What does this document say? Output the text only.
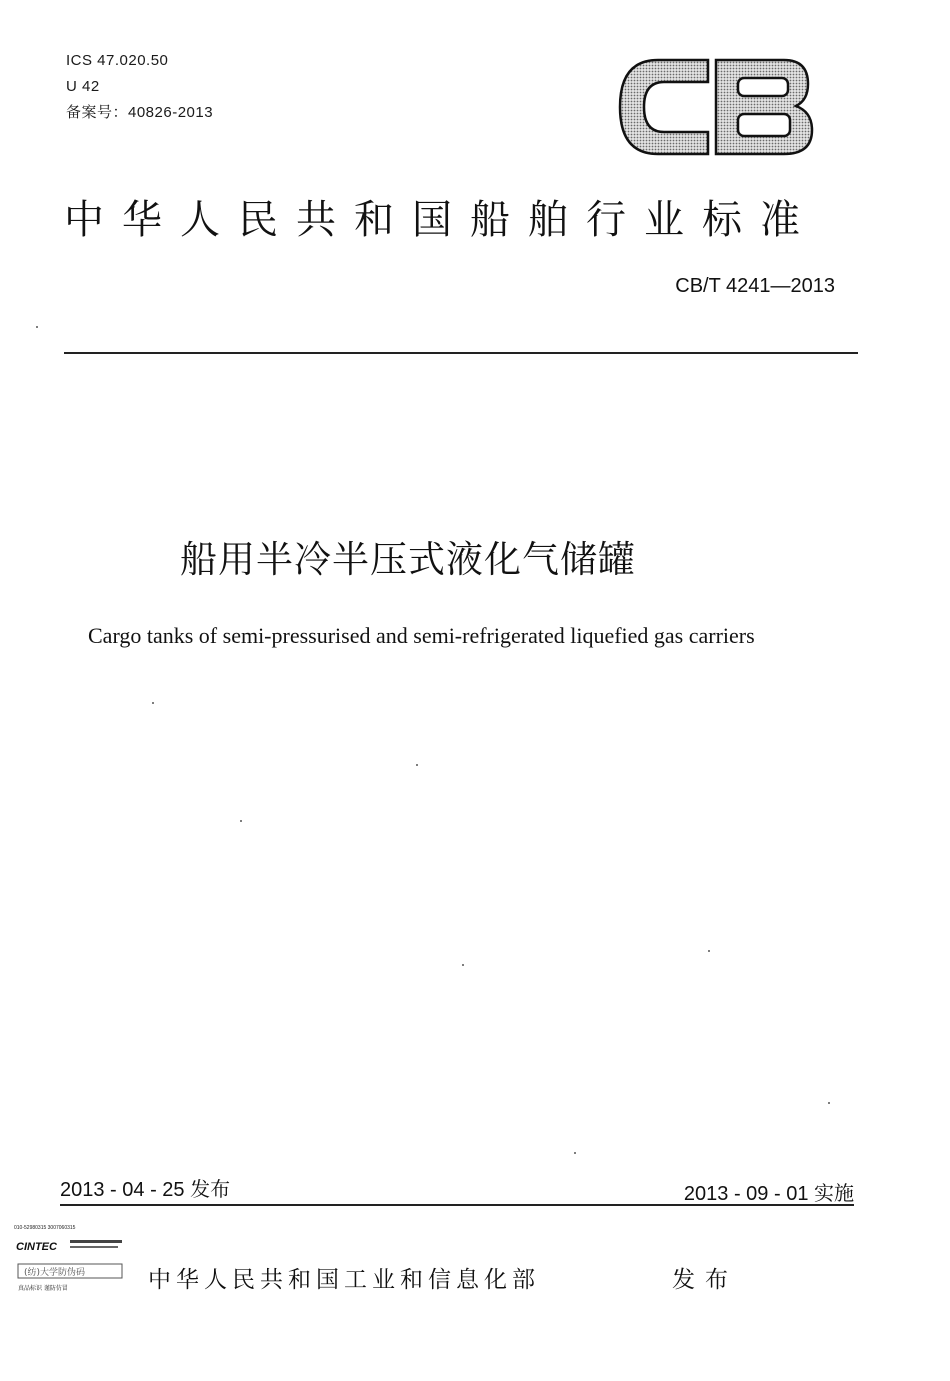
ICS 47.020.50
U 42
备案号：40826-2013
中华人民共和国船舶行业标准
CB/T 4241—2013
船用半冷半压式液化气储罐
Cargo tanks of semi-pressurised and semi-refrigerated liquefied gas carriers
2013 - 04 - 25 发布	2013 - 09 - 01 实施
010-52980315 3007060315
CINTEC
(纺)大学防伪码
真品标识 谨防仿冒	中华人民共和国工业和信息化部	发布
